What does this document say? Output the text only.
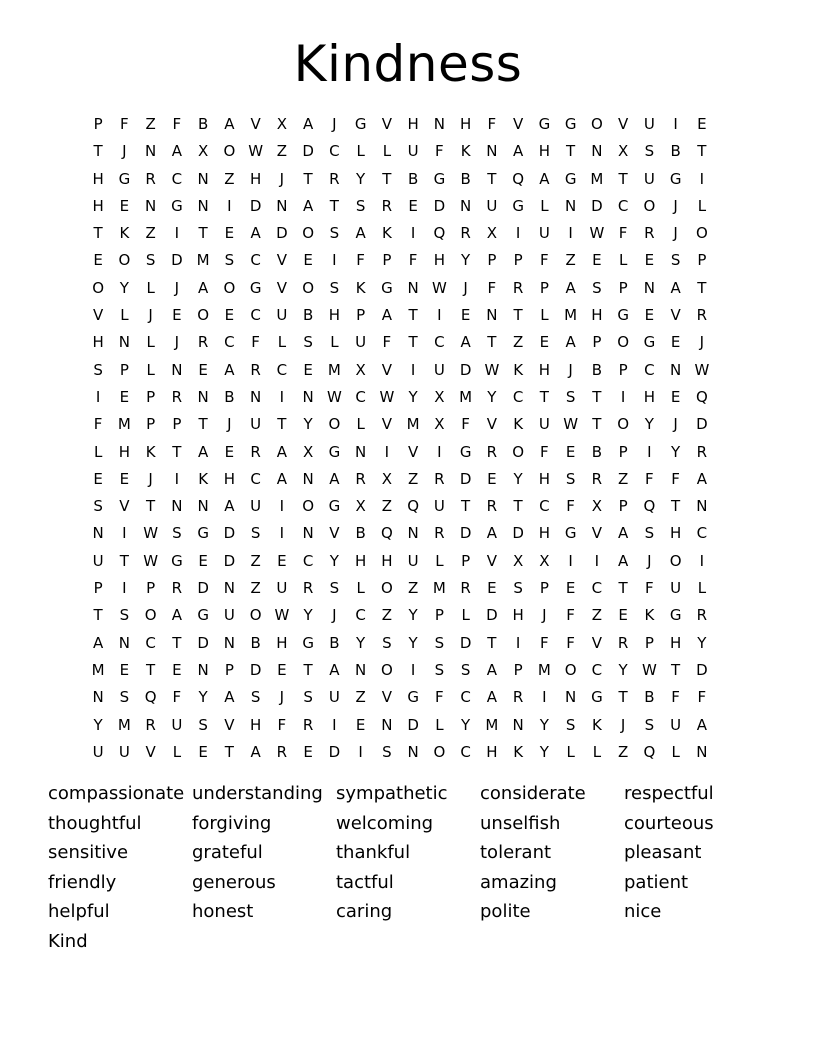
Kindness
P	F	Z	F	B	A	V	X	A	J	G	V	H N	H	F	V	G G O	V	U	I	E
T	J	N	A	X	O W Z	D	C	L	L	U	F	K	N	A	H	T	N	X	S	B	T
H G	R	C	N	Z	H	J	T	R	Y	T	B	G	B	T	Q	A	G M	T	U G	I
H	E	N G N	I	D N	A	T	S	R	E	D N	U G	L	N D	C	O	J	L
T	K	Z	I	T	E	A	D O	S	A	K	I	Q	R	X	I	U	I	W F	R	J	O
E	O	S	D M	S	C	V	E	I	F	P	F	H	Y	P	P	F	Z	E	L	E	S	P
O	Y	L	J	A	O G	V	O	S	K	G N W	J	F	R	P	A	S	P	N	A	T
V	L	J	E	O	E	C	U	B	H	P	A	T	I	E	N	T	L	M H G	E	V	R
H N	L	J	R	C	F	L	S	L	U	F	T	C	A	T	Z	E	A	P	O G	E	J
S	P	L	N	E	A	R	C	E	M X	V	I	U D W K	H	J	B	P	C	N W
I	E	P	R	N	B	N	I	N W C W Y	X M	Y	C	T	S	T	I	H	E	Q
F	M	P	P	T	J	U	T	Y	O	L	V M X	F	V	K	U W T	O	Y	J	D
L	H	K	T	A	E	R	A	X	G N	I	V	I	G	R	O	F	E	B	P	I	Y	R
E	E	J	I	K	H	C	A	N	A	R	X	Z	R	D	E	Y	H	S	R	Z	F	F	A
S	V	T	N	N	A	U	I	O G	X	Z	Q U	T	R	T	C	F	X	P	Q	T	N
N	I	W S	G D	S	I	N	V	B	Q N	R	D	A	D H G	V	A	S	H	C
U	T W G	E	D	Z	E	C	Y	H H	U	L	P	V	X	X	I	I	A	J	O	I
P	I	P	R	D N	Z	U	R	S	L	O	Z M R	E	S	P	E	C	T	F	U	L
T	S	O	A	G U O W Y	J	C	Z	Y	P	L	D H	J	F	Z	E	K	G	R
A	N	C	T	D N	B	H G	B	Y	S	Y	S	D	T	I	F	F	V	R	P	H	Y
M	E	T	E	N	P	D	E	T	A	N O	I	S	S	A	P	M O	C	Y W T	D
N	S	Q	F	Y	A	S	J	S	U	Z	V	G	F	C	A	R	I	N G	T	B	F	F
Y	M R	U	S	V	H	F	R	I	E	N D	L	Y	M N	Y	S	K	J	S	U	A
U	U	V	L	E	T	A	R	E	D	I	S	N O	C	H	K	Y	L	L	Z	Q	L	N
compassionate understanding sympathetic	considerate	respectful
thoughtful	forgiving	welcoming	unselfish	courteous
sensitive	grateful	thankful	tolerant	pleasant
friendly	generous	tactful	amazing	patient
helpful	honest	caring	polite	nice
Kind
